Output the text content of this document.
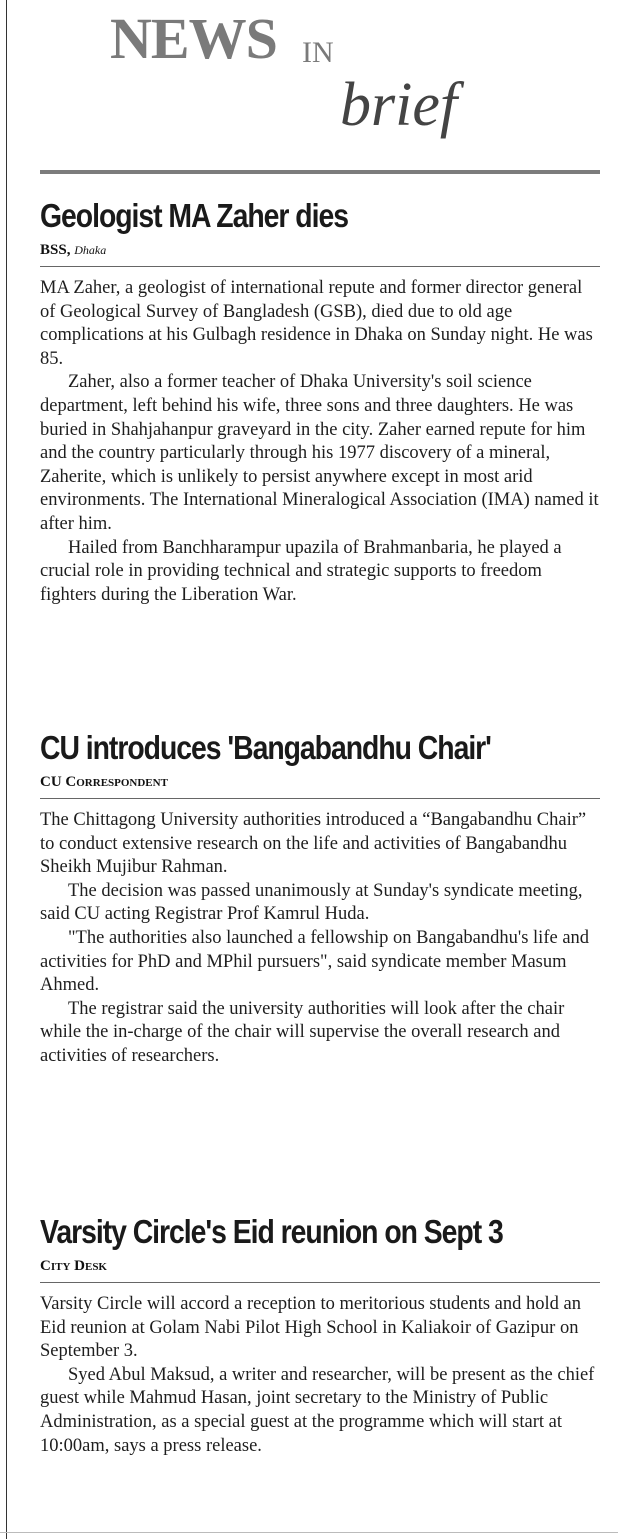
NEWS IN
brief
Geologist MA Zaher dies
BSS, Dhaka

MA Zaher, a geologist of international repute and former director general of Geological Survey of Bangladesh (GSB), died due to old age complications at his Gulbagh residence in Dhaka on Sunday night. He was 85.

Zaher, also a former teacher of Dhaka University's soil science department, left behind his wife, three sons and three daughters. He was buried in Shahjahanpur graveyard in the city. Zaher earned repute for him and the country particularly through his 1977 discovery of a mineral, Zaherite, which is unlikely to persist anywhere except in most arid environments. The International Mineralogical Association (IMA) named it after him.

Hailed from Banchharampur upazila of Brahmanbaria, he played a crucial role in providing technical and strategic supports to freedom fighters during the Liberation War.

CU introduces 'Bangabandhu Chair'
CU Correspondent

The Chittagong University authorities introduced a “Bangabandhu Chair” to conduct extensive research on the life and activities of Bangabandhu Sheikh Mujibur Rahman.

The decision was passed unanimously at Sunday's syndicate meeting, said CU acting Registrar Prof Kamrul Huda.

"The authorities also launched a fellowship on Bangabandhu's life and activities for PhD and MPhil pursuers", said syndicate member Masum Ahmed.

The registrar said the university authorities will look after the chair while the in-charge of the chair will supervise the overall research and activities of researchers.

Varsity Circle's Eid reunion on Sept 3
City Desk

Varsity Circle will accord a reception to meritorious students and hold an Eid reunion at Golam Nabi Pilot High School in Kaliakoir of Gazipur on September 3.

Syed Abul Maksud, a writer and researcher, will be present as the chief guest while Mahmud Hasan, joint secretary to the Ministry of Public Administration, as a special guest at the programme which will start at 10:00am, says a press release.
